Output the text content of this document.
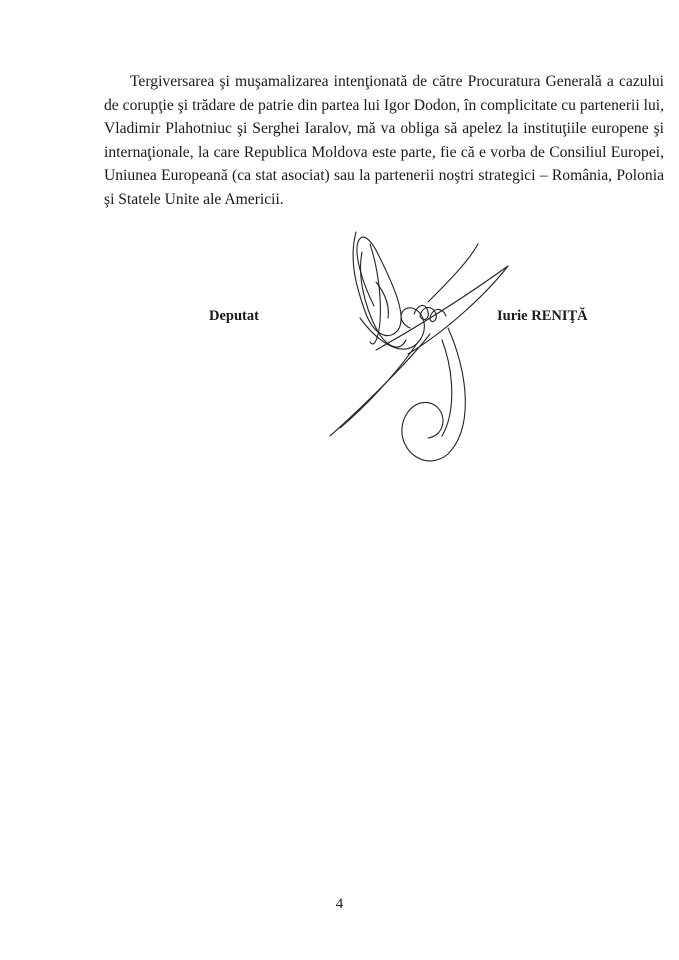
Tergiversarea şi muşamalizarea intenţionată de către Procuratura Generală a cazului de corupţie şi trădare de patrie din partea lui Igor Dodon, în complicitate cu partenerii lui, Vladimir Plahotniuc şi Serghei Iaralov, mă va obliga să apelez la instituţiile europene şi internaţionale, la care Republica Moldova este parte, fie că e vorba de Consiliul Europei, Uniunea Europeană (ca stat asociat) sau la partenerii noştri strategici – România, Polonia şi Statele Unite ale Americii.

Deputat	Iurie RENIŢĂ
4
